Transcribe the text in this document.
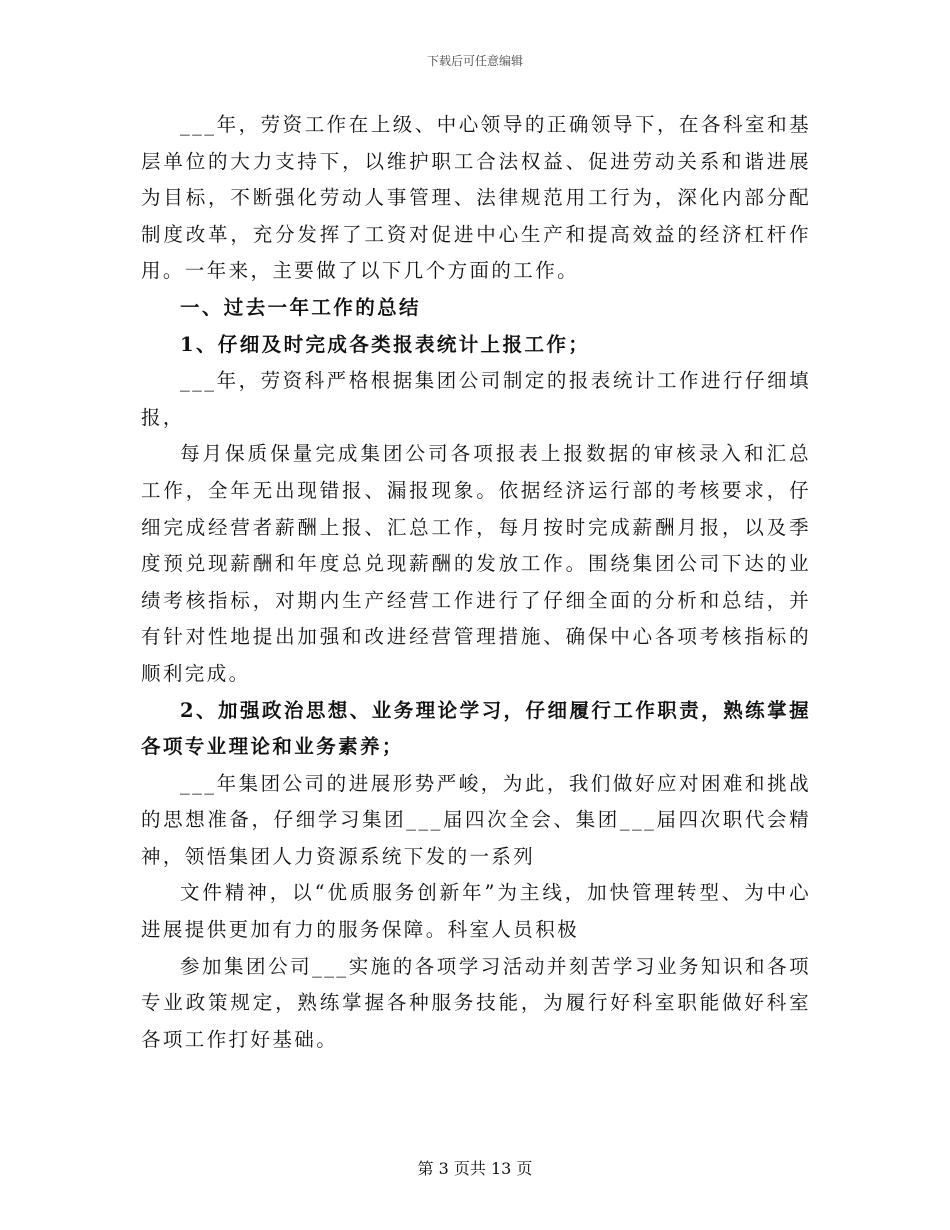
下载后可任意编辑

___年，劳资工作在上级、中心领导的正确领导下，在各科室和基层单位的大力支持下，以维护职工合法权益、促进劳动关系和谐进展为目标，不断强化劳动人事管理、法律规范用工行为，深化内部分配制度改革，充分发挥了工资对促进中心生产和提高效益的经济杠杆作用。一年来，主要做了以下几个方面的工作。

一、过去一年工作的总结

1、仔细及时完成各类报表统计上报工作；

___年，劳资科严格根据集团公司制定的报表统计工作进行仔细填报，

每月保质保量完成集团公司各项报表上报数据的审核录入和汇总工作，全年无出现错报、漏报现象。依据经济运行部的考核要求，仔细完成经营者薪酬上报、汇总工作，每月按时完成薪酬月报，以及季度预兑现薪酬和年度总兑现薪酬的发放工作。围绕集团公司下达的业绩考核指标，对期内生产经营工作进行了仔细全面的分析和总结，并有针对性地提出加强和改进经营管理措施、确保中心各项考核指标的顺利完成。

2、加强政治思想、业务理论学习，仔细履行工作职责，熟练掌握各项专业理论和业务素养；

___年集团公司的进展形势严峻，为此，我们做好应对困难和挑战的思想准备，仔细学习集团___届四次全会、集团___届四次职代会精神，领悟集团人力资源系统下发的一系列

文件精神，以“优质服务创新年”为主线，加快管理转型、为中心进展提供更加有力的服务保障。科室人员积极

参加集团公司___实施的各项学习活动并刻苦学习业务知识和各项专业政策规定，熟练掌握各种服务技能，为履行好科室职能做好科室各项工作打好基础。

第 3 页共 13 页
